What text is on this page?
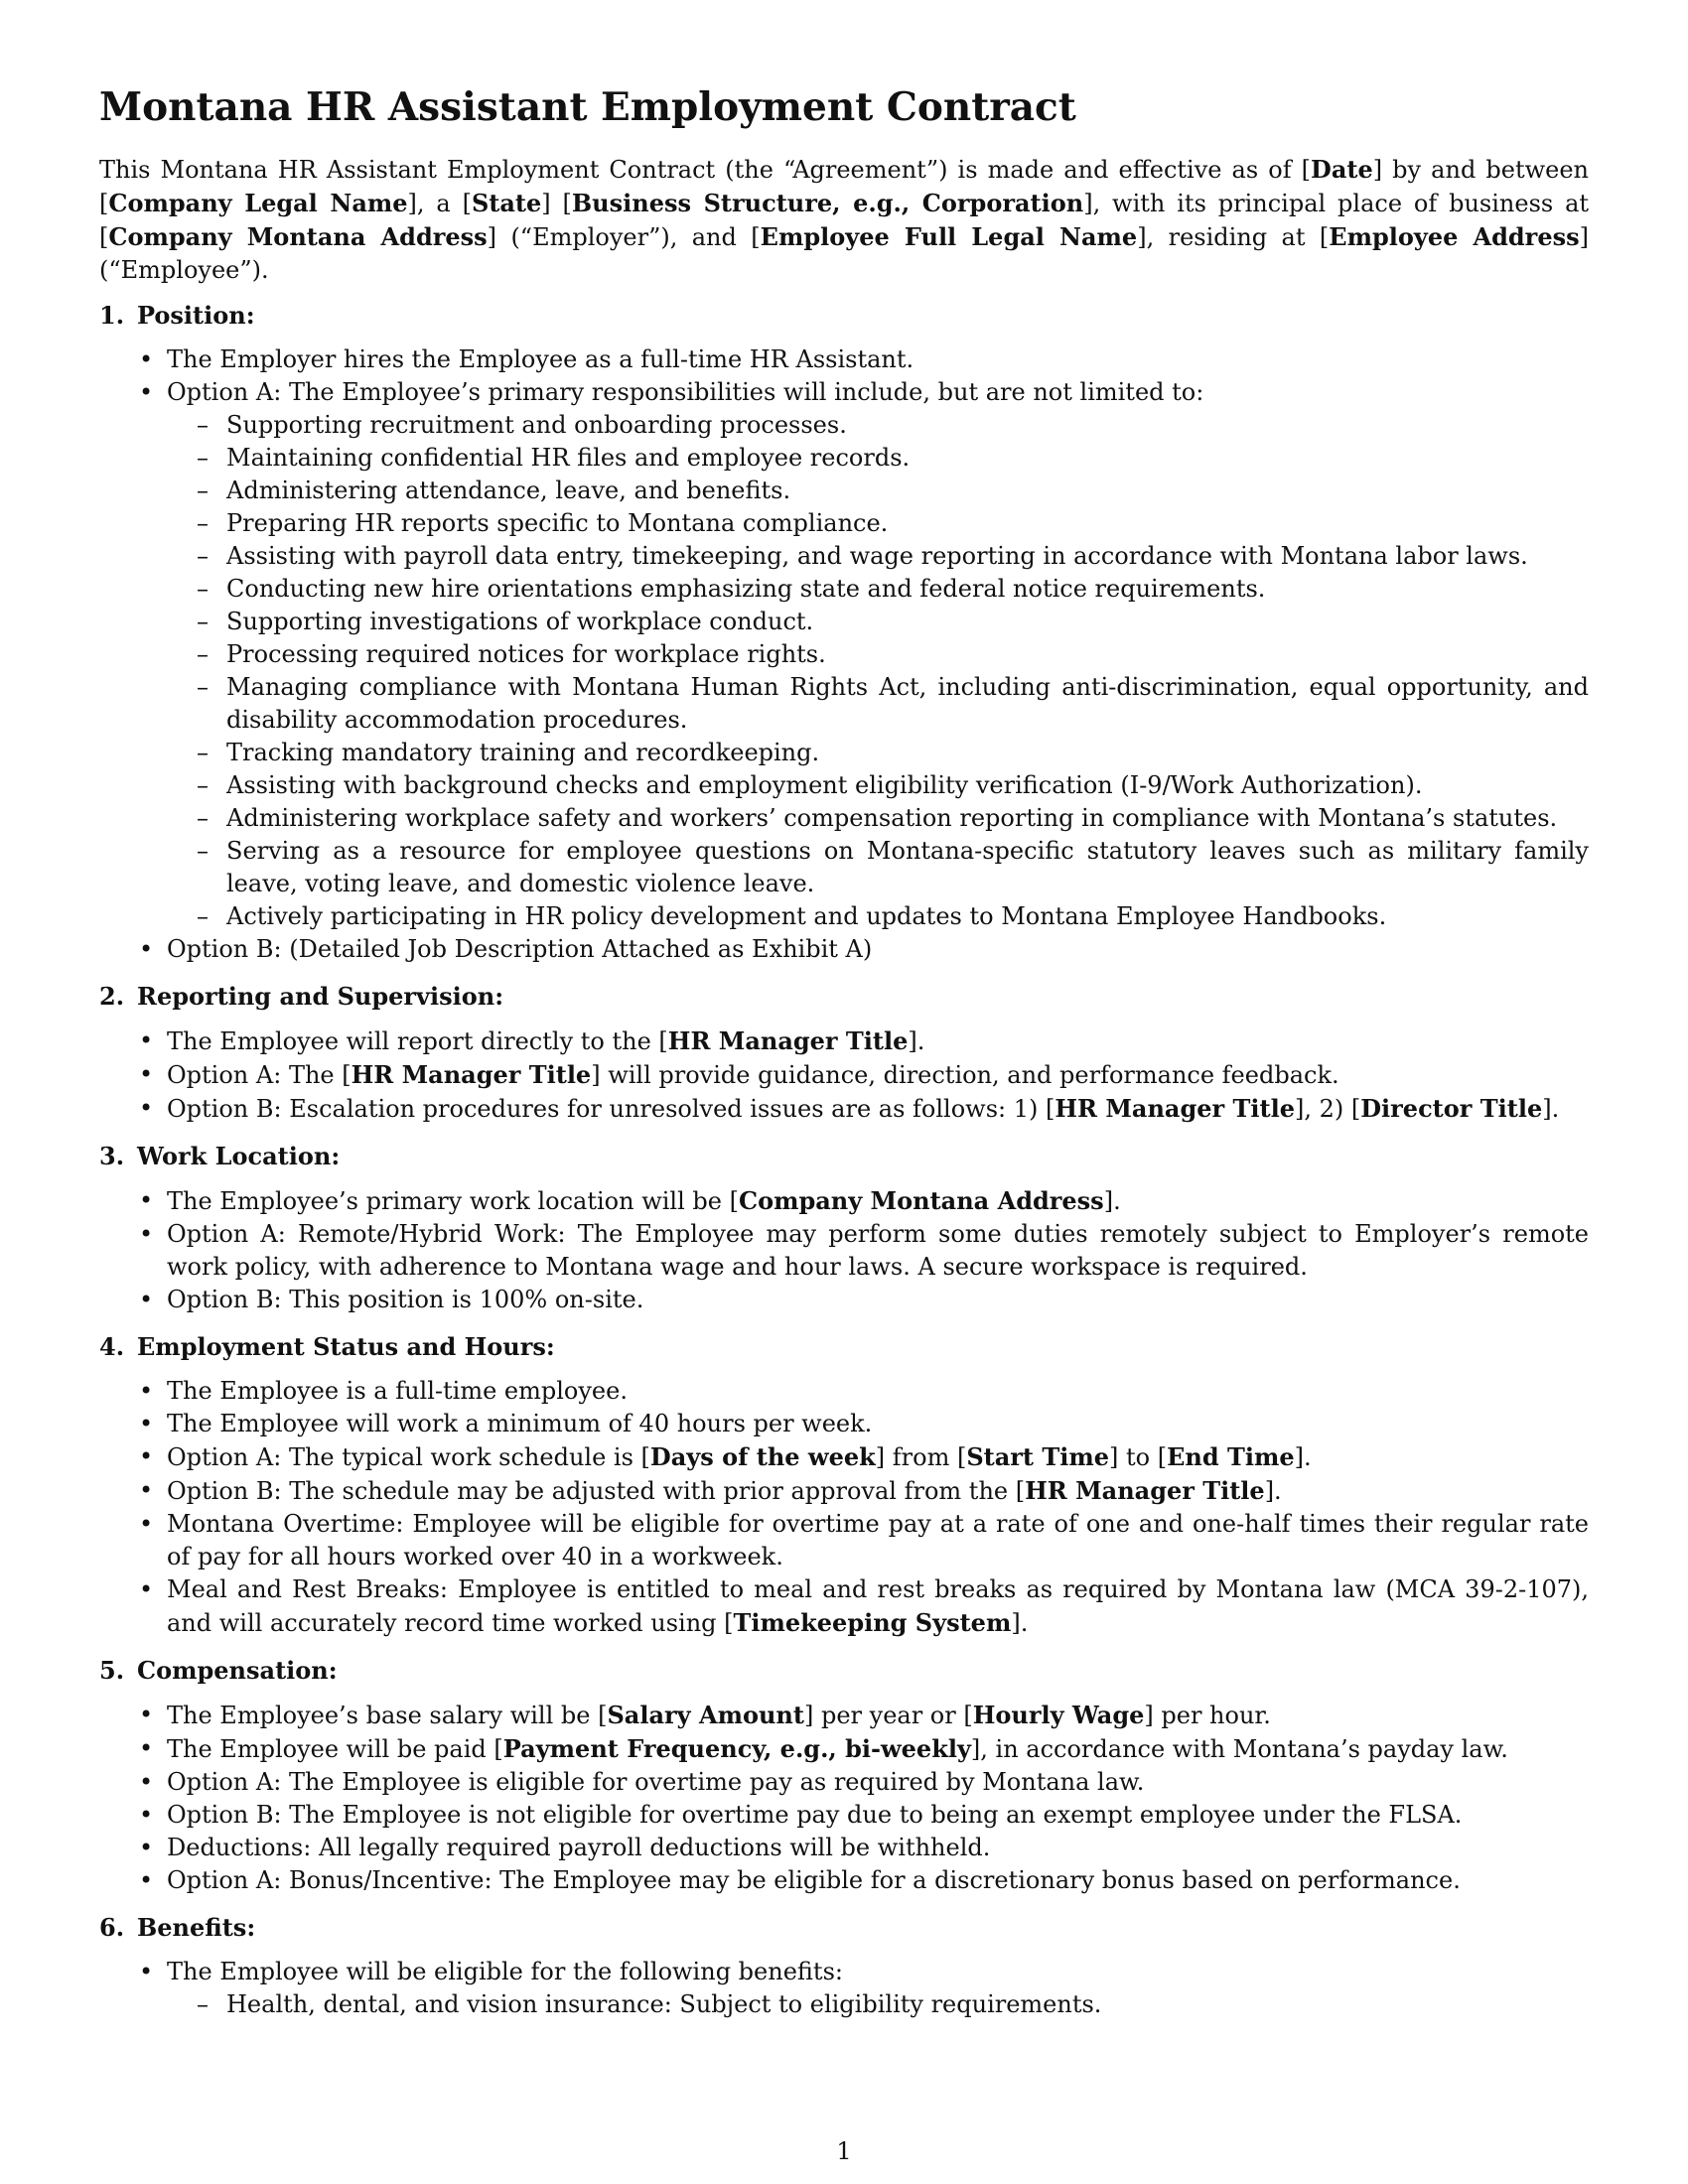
Montana HR Assistant Employment Contract

This Montana HR Assistant Employment Contract (the “Agreement”) is made and effective as of [Date] by and between [Company Legal Name], a [State] [Business Structure, e.g., Corporation], with its principal place of business at [Company Montana Address] (“Employer”), and [Employee Full Legal Name], residing at [Employee Address] (“Employee”).

1. Position:
• The Employer hires the Employee as a full-time HR Assistant.
• Option A: The Employee’s primary responsibilities will include, but are not limited to:
– Supporting recruitment and onboarding processes.
– Maintaining confidential HR files and employee records.
– Administering attendance, leave, and benefits.
– Preparing HR reports specific to Montana compliance.
– Assisting with payroll data entry, timekeeping, and wage reporting in accordance with Montana labor laws.
– Conducting new hire orientations emphasizing state and federal notice requirements.
– Supporting investigations of workplace conduct.
– Processing required notices for workplace rights.
– Managing compliance with Montana Human Rights Act, including anti-discrimination, equal opportunity, and disability accommodation procedures.
– Tracking mandatory training and recordkeeping.
– Assisting with background checks and employment eligibility verification (I-9/Work Authorization).
– Administering workplace safety and workers’ compensation reporting in compliance with Montana’s statutes.
– Serving as a resource for employee questions on Montana-specific statutory leaves such as military family leave, voting leave, and domestic violence leave.
– Actively participating in HR policy development and updates to Montana Employee Handbooks.
• Option B: (Detailed Job Description Attached as Exhibit A)
2. Reporting and Supervision:
• The Employee will report directly to the [HR Manager Title].
• Option A: The [HR Manager Title] will provide guidance, direction, and performance feedback.
• Option B: Escalation procedures for unresolved issues are as follows: 1) [HR Manager Title], 2) [Director Title].
3. Work Location:
• The Employee’s primary work location will be [Company Montana Address].
• Option A: Remote/Hybrid Work: The Employee may perform some duties remotely subject to Employer’s remote work policy, with adherence to Montana wage and hour laws. A secure workspace is required.
• Option B: This position is 100% on-site.
4. Employment Status and Hours:
• The Employee is a full-time employee.
• The Employee will work a minimum of 40 hours per week.
• Option A: The typical work schedule is [Days of the week] from [Start Time] to [End Time].
• Option B: The schedule may be adjusted with prior approval from the [HR Manager Title].
• Montana Overtime: Employee will be eligible for overtime pay at a rate of one and one-half times their regular rate of pay for all hours worked over 40 in a workweek.
• Meal and Rest Breaks: Employee is entitled to meal and rest breaks as required by Montana law (MCA 39-2-107), and will accurately record time worked using [Timekeeping System].
5. Compensation:
• The Employee’s base salary will be [Salary Amount] per year or [Hourly Wage] per hour.
• The Employee will be paid [Payment Frequency, e.g., bi-weekly], in accordance with Montana’s payday law.
• Option A: The Employee is eligible for overtime pay as required by Montana law.
• Option B: The Employee is not eligible for overtime pay due to being an exempt employee under the FLSA.
• Deductions: All legally required payroll deductions will be withheld.
• Option A: Bonus/Incentive: The Employee may be eligible for a discretionary bonus based on performance.
6. Benefits:
• The Employee will be eligible for the following benefits:
– Health, dental, and vision insurance: Subject to eligibility requirements.
1
